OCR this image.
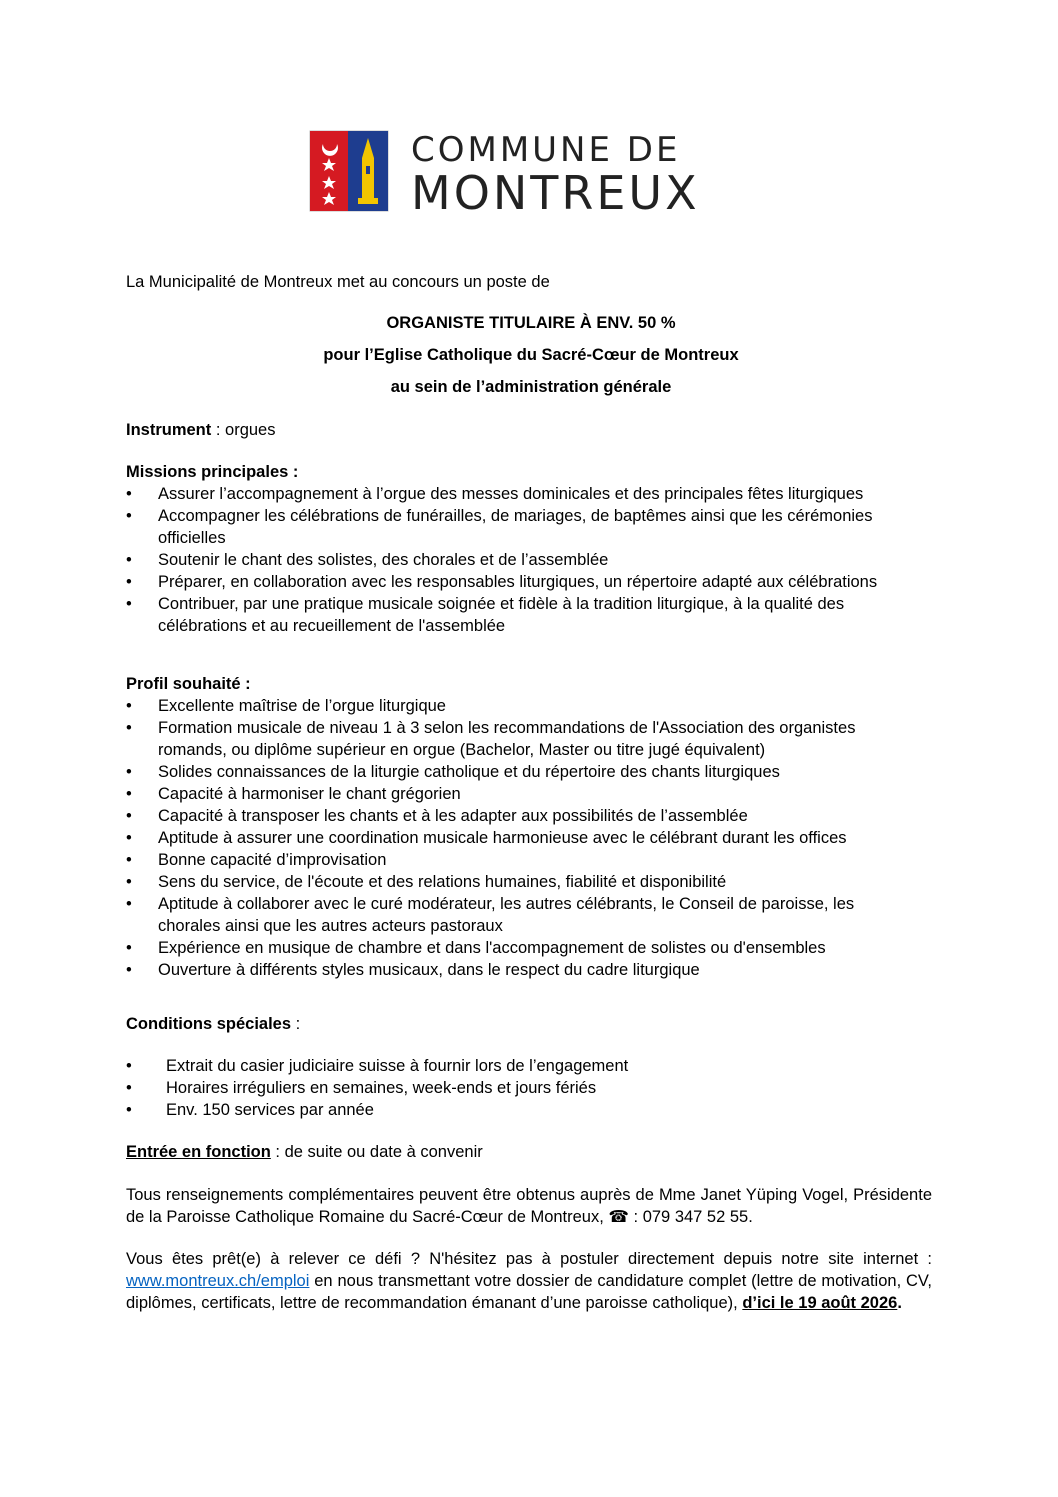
COMMUNE DE
MONTREUX
La Municipalité de Montreux met au concours un poste de
ORGANISTE TITULAIRE À ENV. 50 %
pour l’Eglise Catholique du Sacré-Cœur de Montreux
au sein de l’administration générale
Instrument : orgues
Missions principales :
• Assurer l’accompagnement à l’orgue des messes dominicales et des principales fêtes liturgiques
• Accompagner les célébrations de funérailles, de mariages, de baptêmes ainsi que les cérémonies officielles
• Soutenir le chant des solistes, des chorales et de l’assemblée
• Préparer, en collaboration avec les responsables liturgiques, un répertoire adapté aux célébrations
• Contribuer, par une pratique musicale soignée et fidèle à la tradition liturgique, à la qualité des célébrations et au recueillement de l'assemblée
Profil souhaité :
• Excellente maîtrise de l’orgue liturgique
• Formation musicale de niveau 1 à 3 selon les recommandations de l'Association des organistes romands, ou diplôme supérieur en orgue (Bachelor, Master ou titre jugé équivalent)
• Solides connaissances de la liturgie catholique et du répertoire des chants liturgiques
• Capacité à harmoniser le chant grégorien
• Capacité à transposer les chants et à les adapter aux possibilités de l’assemblée
• Aptitude à assurer une coordination musicale harmonieuse avec le célébrant durant les offices
• Bonne capacité d’improvisation
• Sens du service, de l'écoute et des relations humaines, fiabilité et disponibilité
• Aptitude à collaborer avec le curé modérateur, les autres célébrants, le Conseil de paroisse, les chorales ainsi que les autres acteurs pastoraux
• Expérience en musique de chambre et dans l'accompagnement de solistes ou d'ensembles
• Ouverture à différents styles musicaux, dans le respect du cadre liturgique
Conditions spéciales :
• Extrait du casier judiciaire suisse à fournir lors de l’engagement
• Horaires irréguliers en semaines, week-ends et jours fériés
• Env. 150 services par année
Entrée en fonction : de suite ou date à convenir
Tous renseignements complémentaires peuvent être obtenus auprès de Mme Janet Yüping Vogel, Présidente de la Paroisse Catholique Romaine du Sacré-Cœur de Montreux, ☎ : 079 347 52 55.
Vous êtes prêt(e) à relever ce défi ? N'hésitez pas à postuler directement depuis notre site internet : www.montreux.ch/emploi en nous transmettant votre dossier de candidature complet (lettre de motivation, CV, diplômes, certificats, lettre de recommandation émanant d’une paroisse catholique), d’ici le 19 août 2026.
